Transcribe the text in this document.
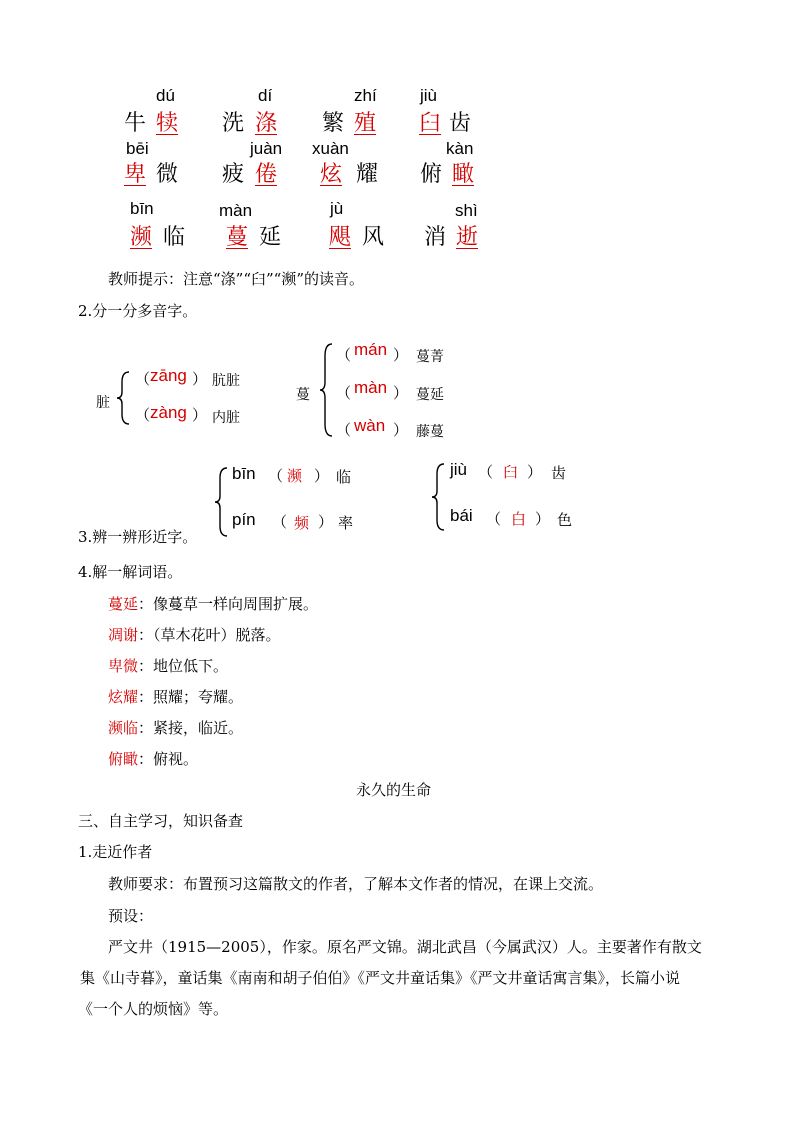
dú
牛 犊
dí
洗 涤
zhí
繁 殖
jiù
臼 齿
bēi
卑 微
juàn
疲 倦
xuàn
炫 耀
kàn
俯 瞰
bīn
濒 临
màn
蔓 延
jù
飓 风
shì
消 逝
教师提示：注意“涤”“臼”“濒”的读音。
2.分一分多音字。
脏
（ zāng ） 肮脏
（ zàng ） 内脏
蔓
（ mán ） 蔓菁
（ màn ） 蔓延
（ wàn ） 藤蔓
bīn （ 濒 ） 临
pín （ 频 ） 率
jiù （ 臼 ） 齿
bái （ 白 ） 色
3.辨一辨形近字。
4.解一解词语。
蔓延：像蔓草一样向周围扩展。
凋谢：（草木花叶）脱落。
卑微：地位低下。
炫耀：照耀；夸耀。
濒临：紧接，临近。
俯瞰：俯视。
永久的生命
三、自主学习，知识备查
1.走近作者
教师要求：布置预习这篇散文的作者，了解本文作者的情况，在课上交流。
预设：
严文井（1915—2005），作家。原名严文锦。湖北武昌（今属武汉）人。主要著作有散文
集《山寺暮》，童话集《南南和胡子伯伯》《严文井童话集》《严文井童话寓言集》，长篇小说
《一个人的烦恼》等。
